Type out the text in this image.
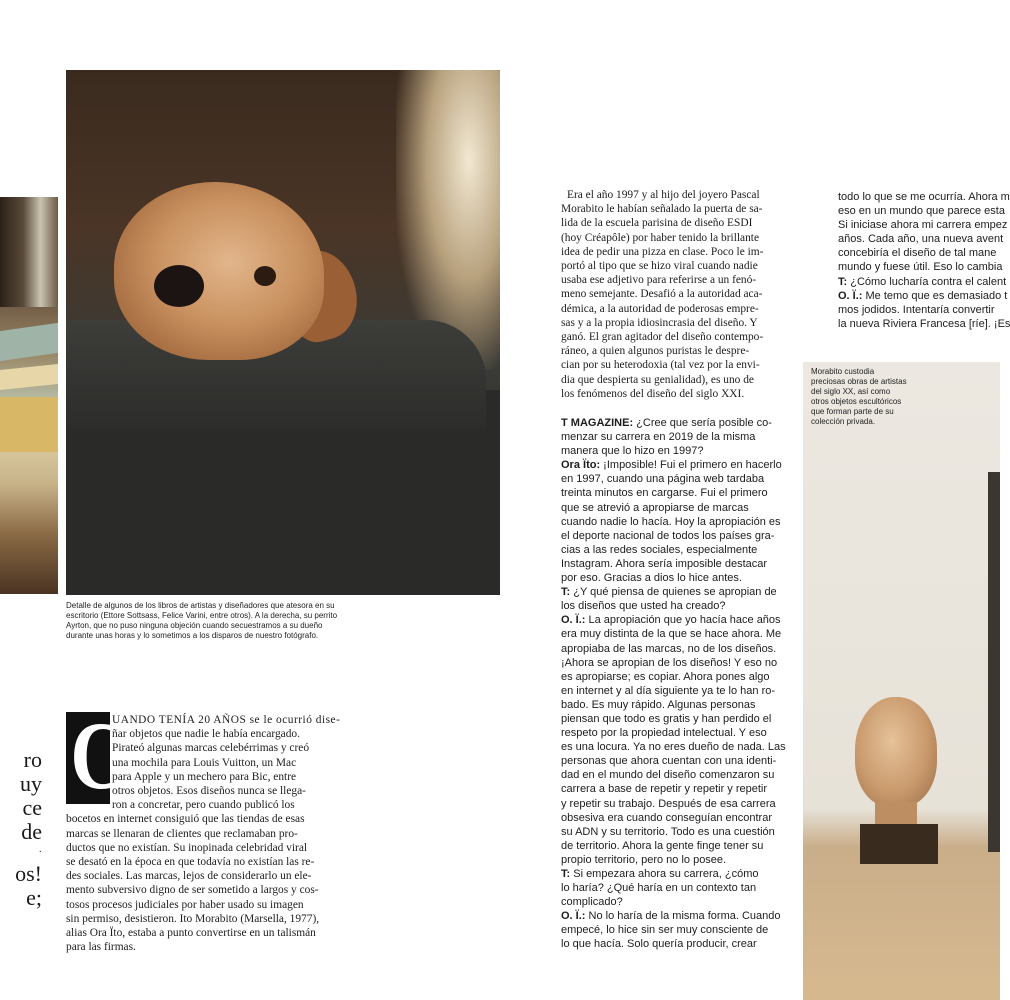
Detalle de algunos de los libros de artistas y diseñadores que atesora en su
escritorio (Ettore Sottsass, Felice Varini, entre otros). A la derecha, su perrito
Ayrton, que no puso ninguna objeción cuando secuestramos a su dueño
durante unas horas y lo sometimos a los disparos de nuestro fotógrafo.
ro
uy
ce
de
·
os!
e;
C
UANDO TENÍA 20 AÑOS se le ocurrió dise-
ñar objetos que nadie le había encargado.
Pirateó algunas marcas celebérrimas y creó
una mochila para Louis Vuitton, un Mac
para Apple y un mechero para Bic, entre
otros objetos. Esos diseños nunca se llega-
ron a concretar, pero cuando publicó los
bocetos en internet consiguió que las tiendas de esas
marcas se llenaran de clientes que reclamaban pro-
ductos que no existían. Su inopinada celebridad viral
se desató en la época en que todavía no existían las re-
des sociales. Las marcas, lejos de considerarlo un ele-
mento subversivo digno de ser sometido a largos y cos-
tosos procesos judiciales por haber usado su imagen
sin permiso, desistieron. Ito Morabito (Marsella, 1977),
alias Ora Ïto, estaba a punto convertirse en un talismán
para las firmas.
Era el año 1997 y al hijo del joyero Pascal
Morabito le habían señalado la puerta de sa-
lida de la escuela parisina de diseño ESDI
(hoy Créapôle) por haber tenido la brillante
idea de pedir una pizza en clase. Poco le im-
portó al tipo que se hizo viral cuando nadie
usaba ese adjetivo para referirse a un fenó-
meno semejante. Desafió a la autoridad aca-
démica, a la autoridad de poderosas empre-
sas y a la propia idiosincrasia del diseño. Y
ganó. El gran agitador del diseño contempo-
ráneo, a quien algunos puristas le despre-
cian por su heterodoxia (tal vez por la envi-
dia que despierta su genialidad), es uno de
los fenómenos del diseño del siglo XXI.
T MAGAZINE: ¿Cree que sería posible co-
menzar su carrera en 2019 de la misma
manera que lo hizo en 1997?
Ora Ïto: ¡Imposible! Fui el primero en hacerlo
en 1997, cuando una página web tardaba
treinta minutos en cargarse. Fui el primero
que se atrevió a apropiarse de marcas
cuando nadie lo hacía. Hoy la apropiación es
el deporte nacional de todos los países gra-
cias a las redes sociales, especialmente
Instagram. Ahora sería imposible destacar
por eso. Gracias a dios lo hice antes.
T: ¿Y qué piensa de quienes se apropian de
los diseños que usted ha creado?
O. Ï.: La apropiación que yo hacía hace años
era muy distinta de la que se hace ahora. Me
apropiaba de las marcas, no de los diseños.
¡Ahora se apropian de los diseños! Y eso no
es apropiarse; es copiar. Ahora pones algo
en internet y al día siguiente ya te lo han ro-
bado. Es muy rápido. Algunas personas
piensan que todo es gratis y han perdido el
respeto por la propiedad intelectual. Y eso
es una locura. Ya no eres dueño de nada. Las
personas que ahora cuentan con una identi-
dad en el mundo del diseño comenzaron su
carrera a base de repetir y repetir y repetir
y repetir su trabajo. Después de esa carrera
obsesiva era cuando conseguían encontrar
su ADN y su territorio. Todo es una cuestión
de territorio. Ahora la gente finge tener su
propio territorio, pero no lo posee.
T: Si empezara ahora su carrera, ¿cómo
lo haría? ¿Qué haría en un contexto tan
complicado?
O. Ï.: No lo haría de la misma forma. Cuando
empecé, lo hice sin ser muy consciente de
lo que hacía. Solo quería producir, crear
todo lo que se me ocurría. Ahora m
eso en un mundo que parece esta
Si iniciase ahora mi carrera empez
años. Cada año, una nueva avent
concebiría el diseño de tal mane
mundo y fuese útil. Eso lo cambia
T: ¿Cómo lucharía contra el calent
O. Ï.: Me temo que es demasiado t
mos jodidos. Intentaría convertir
la nueva Riviera Francesa [ríe]. ¡Es
Morabito custodia
preciosas obras de artistas
del siglo XX, así como
otros objetos escultóricos
que forman parte de su
colección privada.
